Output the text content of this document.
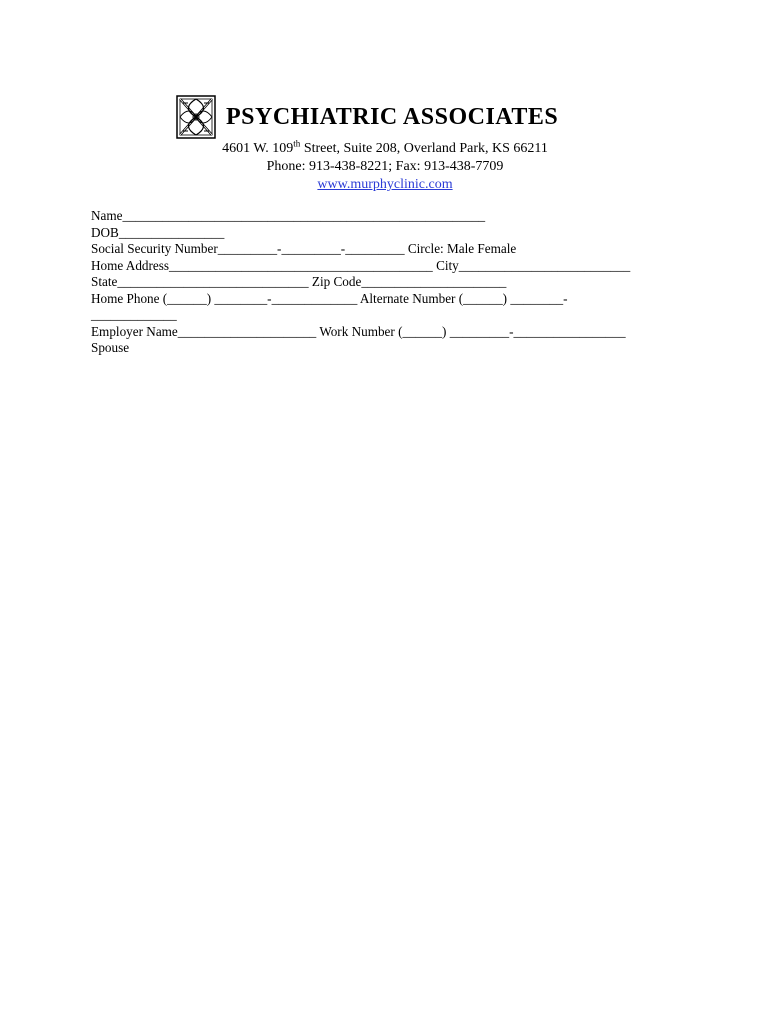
PSYCHIATRIC ASSOCIATES
4601 W. 109th Street, Suite 208, Overland Park, KS 66211
Phone: 913-438-8221; Fax: 913-438-7709
www.murphyclinic.com
Name_______________________________________________________
DOB________________
Social Security Number_________-_________-_________ Circle: Male Female
Home Address________________________________________ City__________________________
State_____________________________ Zip Code______________________
Home Phone (______) ________-_____________ Alternate Number (______) ________-
_____________
Employer Name_____________________ Work Number (______) _________-_________________
Spouse
